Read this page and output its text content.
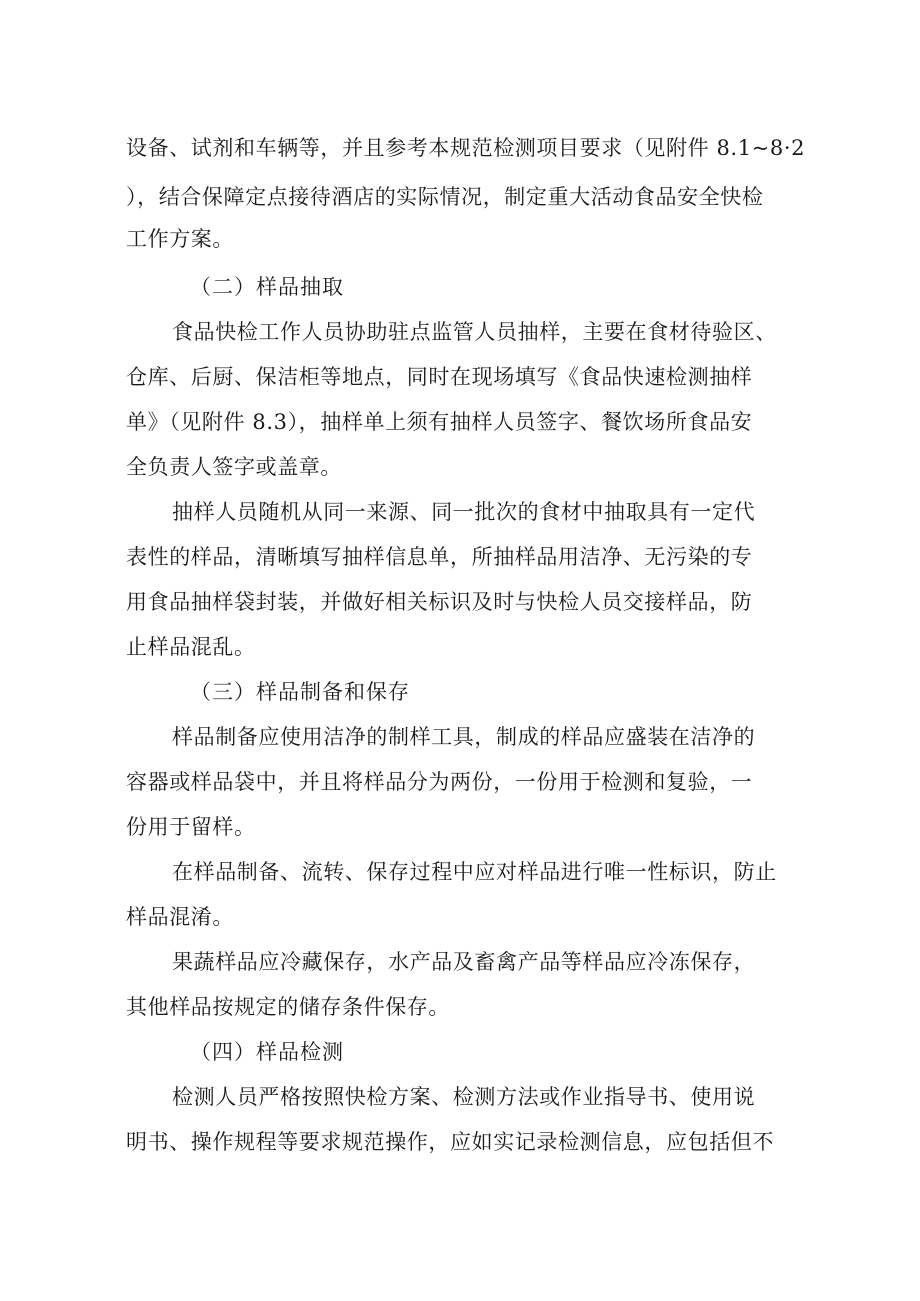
设备、试剂和车辆等，并且参考本规范检测项目要求（见附件 8.1~8·2

），结合保障定点接待酒店的实际情况，制定重大活动食品安全快检

工作方案。

（二）样品抽取

食品快检工作人员协助驻点监管人员抽样，主要在食材待验区、

仓库、后厨、保洁柜等地点，同时在现场填写《食品快速检测抽样

单》（见附件 8.3），抽样单上须有抽样人员签字、餐饮场所食品安

全负责人签字或盖章。

抽样人员随机从同一来源、同一批次的食材中抽取具有一定代

表性的样品，清晰填写抽样信息单，所抽样品用洁净、无污染的专

用食品抽样袋封装，并做好相关标识及时与快检人员交接样品，防

止样品混乱。

（三）样品制备和保存

样品制备应使用洁净的制样工具，制成的样品应盛装在洁净的

容器或样品袋中，并且将样品分为两份，一份用于检测和复验，一

份用于留样。

在样品制备、流转、保存过程中应对样品进行唯一性标识，防止

样品混淆。

果蔬样品应冷藏保存，水产品及畜禽产品等样品应冷冻保存，

其他样品按规定的储存条件保存。

（四）样品检测

检测人员严格按照快检方案、检测方法或作业指导书、使用说

明书、操作规程等要求规范操作，应如实记录检测信息，应包括但不
